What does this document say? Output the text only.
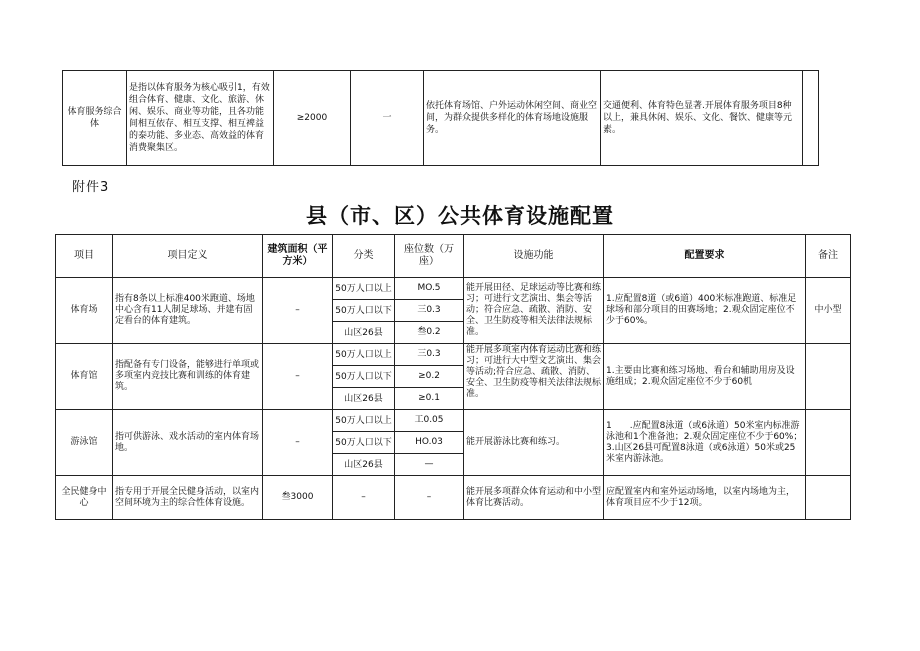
体育服务综合体	是指以体育服务为核心吸引1，有效组合体育、健康、文化、旅游、休闲、娱乐、商业等功能，且各功能间相互依存、相互支撑、相互裨益的泰功能、多业态、高效益的体育消费聚集区。	≥2000	一	依托体育场馆、户外运动休闲空间、商业空间，为群众提供多样化的体育场地设施服务。	交通便利、体育特色显著.开展体育服务项目8种以上，兼具休闲、娱乐、文化、餐饮、健康等元素。	
附件3
县（市、区）公共体育设施配置
项目	项目定义	建筑面积（平方米）	分类	座位数（万座）	设施功能	配置要求	备注
体育场	指有8条以上标准400米跑道、场地中心含有11人制足球场、并建有固定看台的体育建筑。	–	50万人口以上	MO.5	能开展田径、足球运动等比赛和练习；可进行文艺演出、集会等活动；符合应急、疏散、消防、安全、卫生防疫等相关法律法规标准。	1.应配置8道（或6道）400米标准跑道、标准足球场和部分项目的田赛场地；2.观众固定座位不少于60%。	中小型
			50万人口以下	三0.3			
			山区26县	叁0.2			
体育馆	指配备有专门设备，能够进行单项或多项室内竞技比赛和训练的体育建筑。	–	50万人口以上	三0.3	能开展多项室内体育运动比赛和练习；可进行大中型文艺演出、集会等活动;符合应急、疏散、消防、安全、卫生防疫等相关法律法规标准。	1.主要由比赛和练习场地、看台和辅助用房及设施组成；2.观众固定座位不少于60机	
			50万人口以下	≥0.2			
			山区26县	≥0.1			
游泳馆	指可供游泳、戏水活动的室内体育场地。	–	50万人口以上	工0.05	能开展游泳比赛和练习。	1　　.应配置8泳道（或6泳道）50米室内标准游泳池和1个准备池；2.观众固定座位不少于60%；3.山区26县可配置8泳道（或6泳道）50米或25米室内游泳池。	
			50万人口以下	HO.03			
			山区26县	—			
全民健身中心	指专用于开展全民健身活动，以室内空间环境为主的综合性体育设施。	叁3000	–	–	能开展多项群众体育运动和中小型体育比赛活动。	应配置室内和室外运动场地，以室内场地为主，体育项目应不少于12项。	
